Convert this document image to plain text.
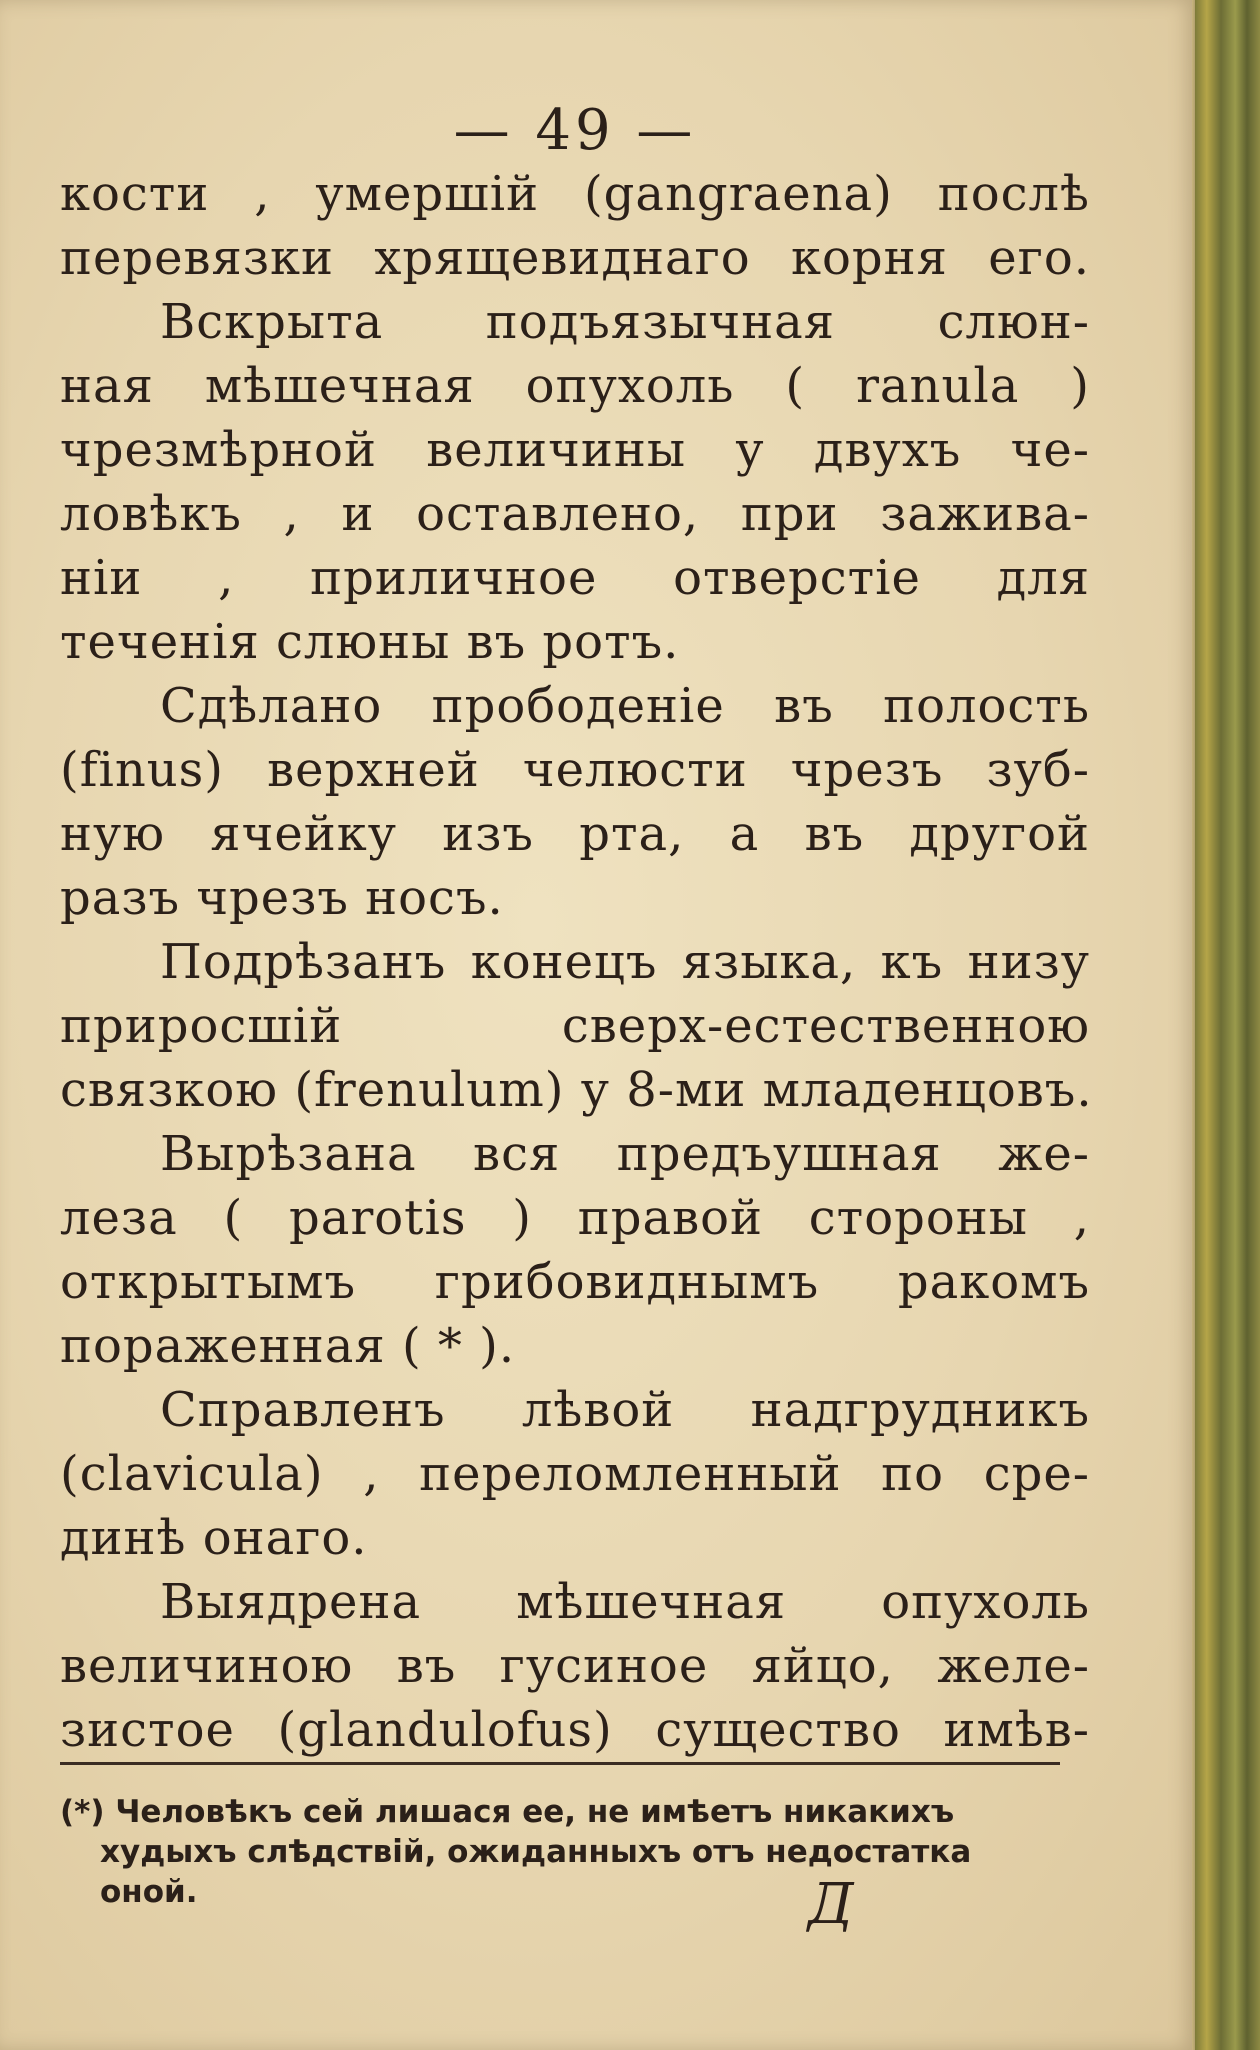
— 49 —
кости , умершій (gangraena) послѣ
перевязки хрящевиднаго корня его.
Вскрыта подъязычная слюн-
ная мѣшечная опухоль ( ranula )
чрезмѣрной величины у двухъ че-
ловѣкъ , и оставлено, при заживa-
ніи , приличное отверстіе для
теченія слюны въ ротъ.
Сдѣлано прободеніе въ полость
(finus) верхней челюсти чрезъ зуб-
ную ячейку изъ рта, а въ другой
разъ чрезъ носъ.
Подрѣзанъ конецъ языка, къ низу
приросшій сверх-естественною
связкою (frenulum) у 8-ми младенцовъ.
Вырѣзана вся предъушная же-
леза ( parotis ) правой стороны ,
открытымъ грибовиднымъ ракомъ
пораженная ( * ).
Справленъ лѣвой надгрудникъ
(clavicula) , переломленный по сре-
динѣ онаго.
Выядрена мѣшечная опухоль
величиною въ гусиное яйцо, желе-
зистое (glandulofus) существо имѣв-
(*) Человѣкъ сей лишася ее, не имѣетъ никакихъ
худыхъ слѣдствій, ожиданныхъ отъ недостатка
оной.	Д
